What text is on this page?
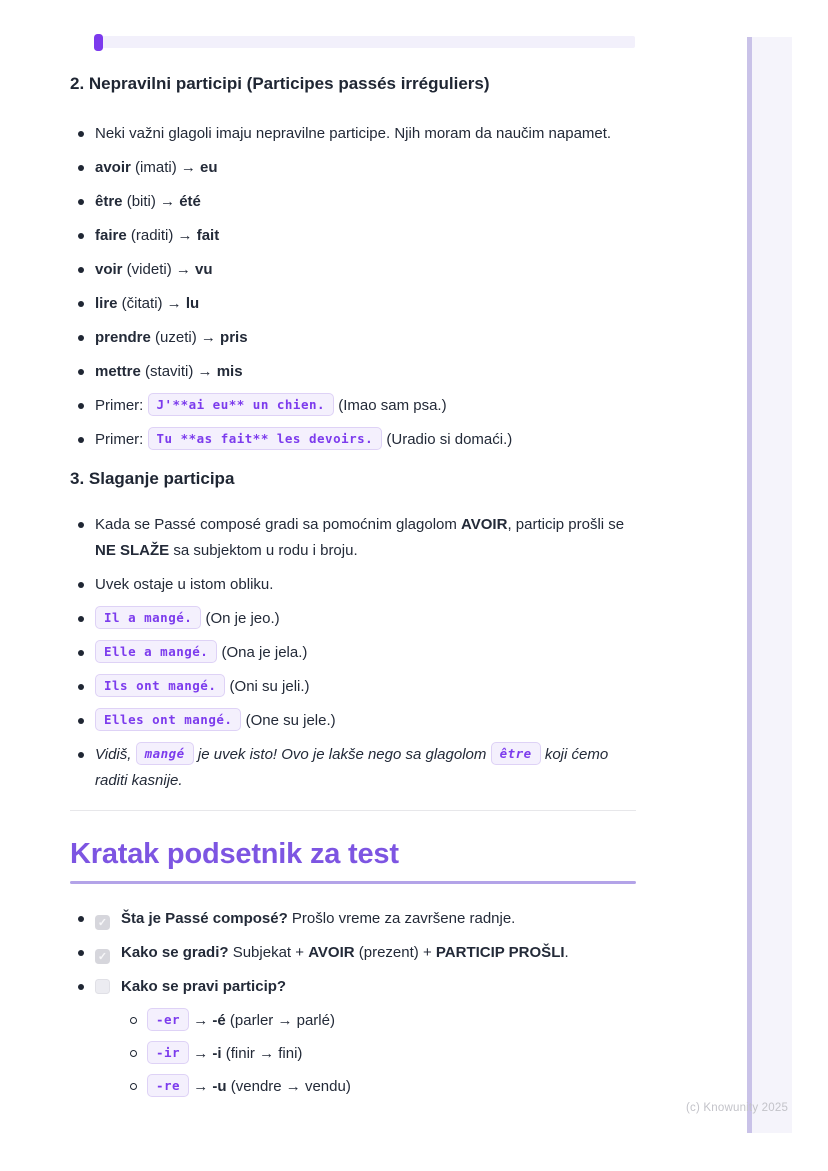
(c) Knowunity 2025
2. Nepravilni participi (Participes passés irréguliers)
Neki važni glagoli imaju nepravilne participe. Njih moram da naučim napamet.
avoir (imati) → eu
être (biti) → été
faire (raditi) → fait
voir (videti) → vu
lire (čitati) → lu
prendre (uzeti) → pris
mettre (staviti) → mis
Primer: J'**ai eu** un chien. (Imao sam psa.)
Primer: Tu **as fait** les devoirs. (Uradio si domaći.)
3. Slaganje participa
Kada se Passé composé gradi sa pomoćnim glagolom AVOIR, particip prošli se NE SLAŽE sa subjektom u rodu i broju.
Uvek ostaje u istom obliku.
Il a mangé. (On je jeo.)
Elle a mangé. (Ona je jela.)
Ils ont mangé. (Oni su jeli.)
Elles ont mangé. (One su jele.)
Vidiš, mangé je uvek isto! Ovo je lakše nego sa glagolom être koji ćemo raditi kasnije.
Kratak podsetnik za test
✓ Šta je Passé composé? Prošlo vreme za završene radnje.
✓ Kako se gradi? Subjekat + AVOIR (prezent) + PARTICIP PROŠLI.
Kako se pravi particip?
-er → -é (parler → parlé)
-ir → -i (finir → fini)
-re → -u (vendre → vendu)
